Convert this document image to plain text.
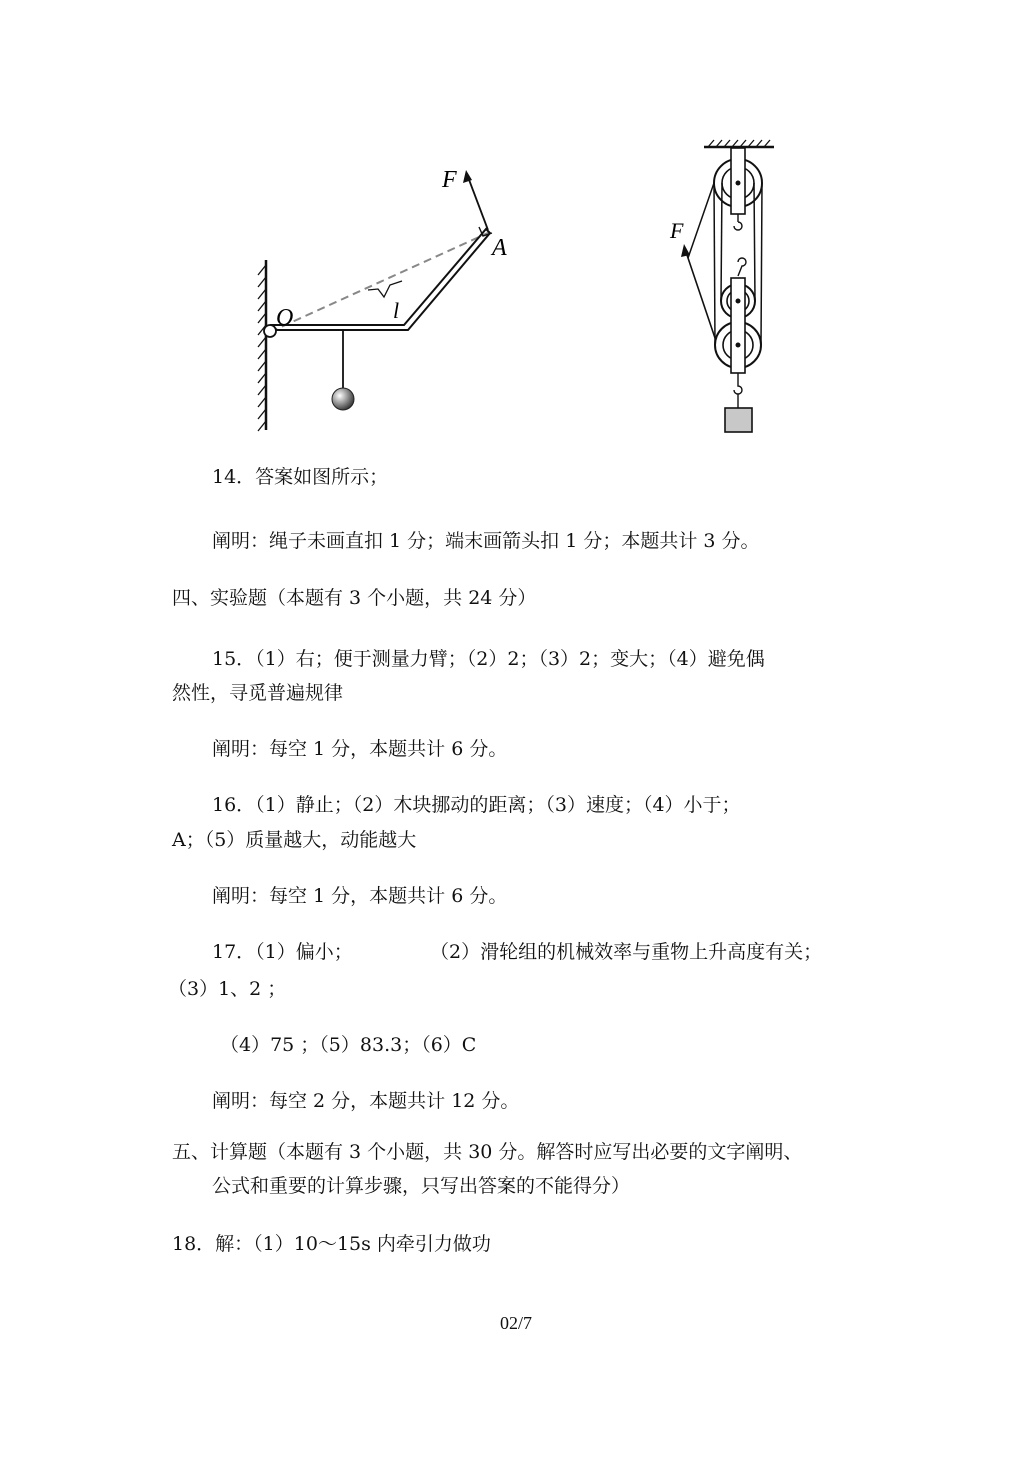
F
A
O	l
F
14．答案如图所示；
阐明：绳子未画直扣 1 分；端末画箭头扣 1 分；本题共计 3 分。
四、实验题（本题有 3 个小题，共 24 分）
15．（1）右；便于测量力臂；（2）2；（3）2；变大；（4）避免偶
然性，寻觅普遍规律
阐明：每空 1 分，本题共计 6 分。
16．（1）静止；（2）木块挪动的距离；（3）速度；（4）小于；
A；（5）质量越大，动能越大
阐明：每空 1 分，本题共计 6 分。
17．（1）偏小；	（2）滑轮组的机械效率与重物上升高度有关；
（3）1、2 ；
（4）75 ；（5）83.3；（6）C
阐明：每空 2 分，本题共计 12 分。
五、计算题（本题有 3 个小题，共 30 分。解答时应写出必要的文字阐明、
公式和重要的计算步骤，只写出答案的不能得分）
18．解：（1）10～15s 内牵引力做功
02/7
